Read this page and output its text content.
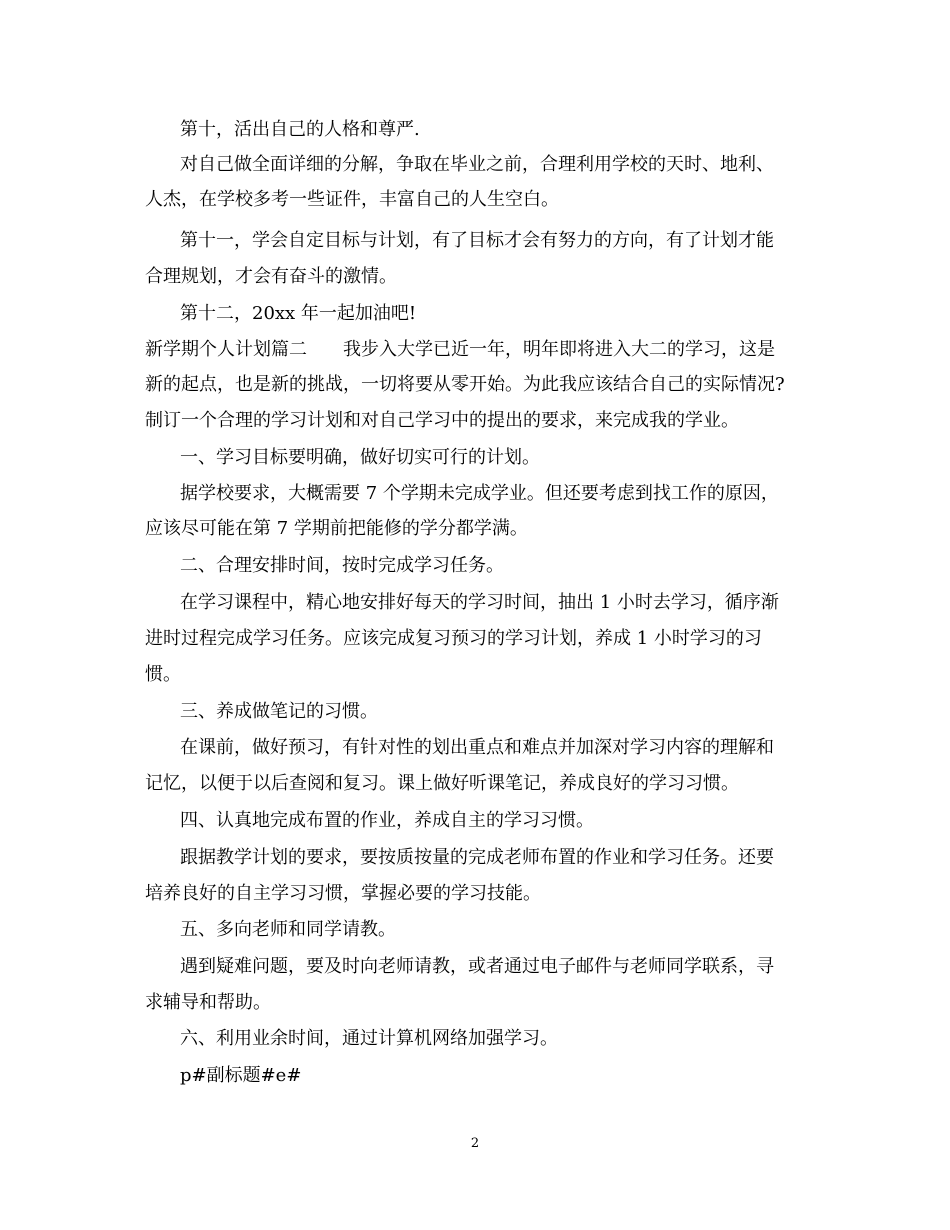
第十，活出自己的人格和尊严.
对自己做全面详细的分解，争取在毕业之前，合理利用学校的天时、地利、
人杰，在学校多考一些证件，丰富自己的人生空白。
第十一，学会自定目标与计划，有了目标才会有努力的方向，有了计划才能
合理规划，才会有奋斗的激情。
第十二，20xx 年一起加油吧!
新学期个人计划篇二　　我步入大学已近一年，明年即将进入大二的学习，这是
新的起点，也是新的挑战，一切将要从零开始。为此我应该结合自己的实际情况?
制订一个合理的学习计划和对自己学习中的提出的要求，来完成我的学业。
一、学习目标要明确，做好切实可行的计划。
据学校要求，大概需要 7 个学期未完成学业。但还要考虑到找工作的原因，
应该尽可能在第 7 学期前把能修的学分都学满。
二、合理安排时间，按时完成学习任务。
在学习课程中，精心地安排好每天的学习时间，抽出 1 小时去学习，循序渐
进时过程完成学习任务。应该完成复习预习的学习计划，养成 1 小时学习的习
惯。
三、养成做笔记的习惯。
在课前，做好预习，有针对性的划出重点和难点并加深对学习内容的理解和
记忆，以便于以后查阅和复习。课上做好听课笔记，养成良好的学习习惯。
四、认真地完成布置的作业，养成自主的学习习惯。
跟据教学计划的要求，要按质按量的完成老师布置的作业和学习任务。还要
培养良好的自主学习习惯，掌握必要的学习技能。
五、多向老师和同学请教。
遇到疑难问题，要及时向老师请教，或者通过电子邮件与老师同学联系，寻
求辅导和帮助。
六、利用业余时间，通过计算机网络加强学习。
p#副标题#e#
2
